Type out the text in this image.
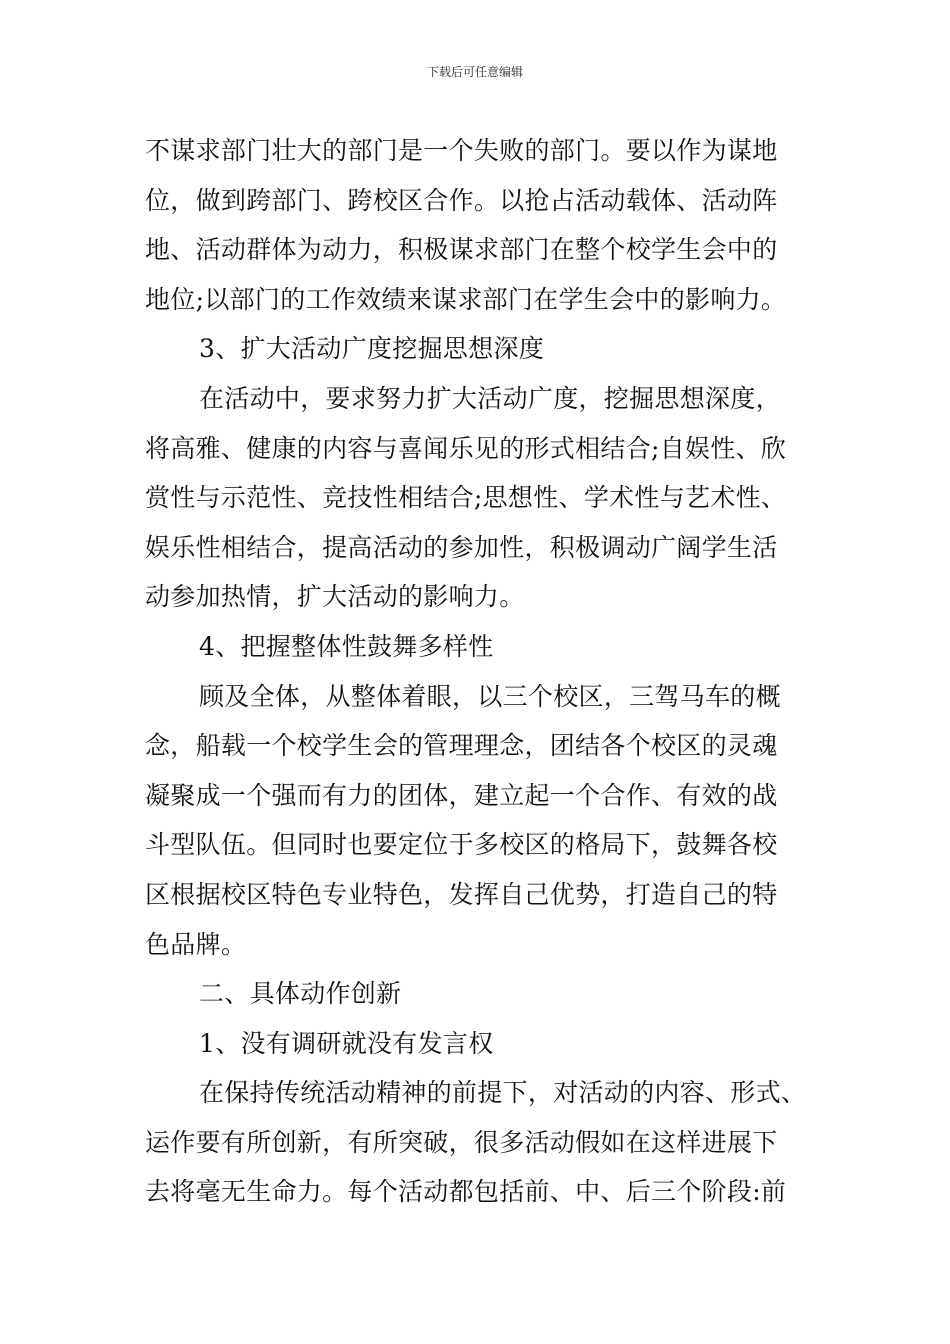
下载后可任意编辑
不谋求部门壮大的部门是一个失败的部门。要以作为谋地
位，做到跨部门、跨校区合作。以抢占活动载体、活动阵
地、活动群体为动力，积极谋求部门在整个校学生会中的
地位;以部门的工作效绩来谋求部门在学生会中的影响力。
3、扩大活动广度挖掘思想深度
在活动中，要求努力扩大活动广度，挖掘思想深度，
将高雅、健康的内容与喜闻乐见的形式相结合;自娱性、欣
赏性与示范性、竞技性相结合;思想性、学术性与艺术性、
娱乐性相结合，提高活动的参加性，积极调动广阔学生活
动参加热情，扩大活动的影响力。
4、把握整体性鼓舞多样性
顾及全体，从整体着眼，以三个校区，三驾马车的概
念，船载一个校学生会的管理理念，团结各个校区的灵魂
凝聚成一个强而有力的团体，建立起一个合作、有效的战
斗型队伍。但同时也要定位于多校区的格局下，鼓舞各校
区根据校区特色专业特色，发挥自己优势，打造自己的特
色品牌。
二、具体动作创新
1、没有调研就没有发言权
在保持传统活动精神的前提下，对活动的内容、形式、
运作要有所创新，有所突破，很多活动假如在这样进展下
去将毫无生命力。每个活动都包括前、中、后三个阶段:前
